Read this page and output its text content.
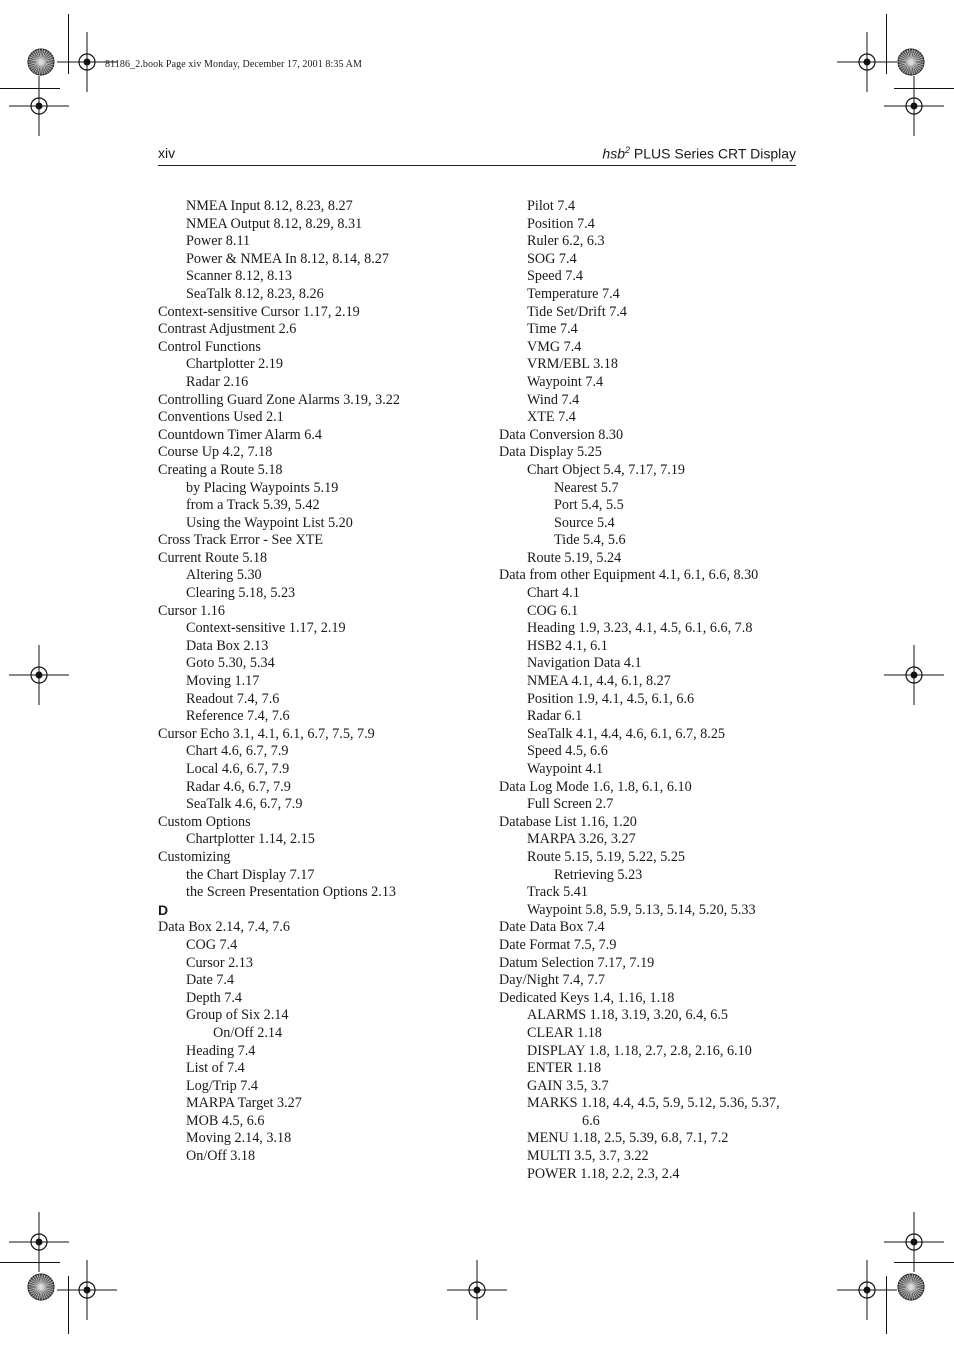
81186_2.book Page xiv Monday, December 17, 2001 8:35 AM
xiv	hsb$^2$ PLUS Series CRT Display
NMEA Input 8.12, 8.23, 8.27
NMEA Output 8.12, 8.29, 8.31
Power 8.11
Power & NMEA In 8.12, 8.14, 8.27
Scanner 8.12, 8.13
SeaTalk 8.12, 8.23, 8.26
Context-sensitive Cursor 1.17, 2.19
Contrast Adjustment 2.6
Control Functions
Chartplotter 2.19
Radar 2.16
Controlling Guard Zone Alarms 3.19, 3.22
Conventions Used 2.1
Countdown Timer Alarm 6.4
Course Up 4.2, 7.18
Creating a Route 5.18
by Placing Waypoints 5.19
from a Track 5.39, 5.42
Using the Waypoint List 5.20
Cross Track Error - See XTE
Current Route 5.18
Altering 5.30
Clearing 5.18, 5.23
Cursor 1.16
Context-sensitive 1.17, 2.19
Data Box 2.13
Goto 5.30, 5.34
Moving 1.17
Readout 7.4, 7.6
Reference 7.4, 7.6
Cursor Echo 3.1, 4.1, 6.1, 6.7, 7.5, 7.9
Chart 4.6, 6.7, 7.9
Local 4.6, 6.7, 7.9
Radar 4.6, 6.7, 7.9
SeaTalk 4.6, 6.7, 7.9
Custom Options
Chartplotter 1.14, 2.15
Customizing
the Chart Display 7.17
the Screen Presentation Options 2.13
D
Data Box 2.14, 7.4, 7.6
COG 7.4
Cursor 2.13
Date 7.4
Depth 7.4
Group of Six 2.14
On/Off 2.14
Heading 7.4
List of 7.4
Log/Trip 7.4
MARPA Target 3.27
MOB 4.5, 6.6
Moving 2.14, 3.18
On/Off 3.18
Pilot 7.4
Position 7.4
Ruler 6.2, 6.3
SOG 7.4
Speed 7.4
Temperature 7.4
Tide Set/Drift 7.4
Time 7.4
VMG 7.4
VRM/EBL 3.18
Waypoint 7.4
Wind 7.4
XTE 7.4
Data Conversion 8.30
Data Display 5.25
Chart Object 5.4, 7.17, 7.19
Nearest 5.7
Port 5.4, 5.5
Source 5.4
Tide 5.4, 5.6
Route 5.19, 5.24
Data from other Equipment 4.1, 6.1, 6.6, 8.30
Chart 4.1
COG 6.1
Heading 1.9, 3.23, 4.1, 4.5, 6.1, 6.6, 7.8
HSB2 4.1, 6.1
Navigation Data 4.1
NMEA 4.1, 4.4, 6.1, 8.27
Position 1.9, 4.1, 4.5, 6.1, 6.6
Radar 6.1
SeaTalk 4.1, 4.4, 4.6, 6.1, 6.7, 8.25
Speed 4.5, 6.6
Waypoint 4.1
Data Log Mode 1.6, 1.8, 6.1, 6.10
Full Screen 2.7
Database List 1.16, 1.20
MARPA 3.26, 3.27
Route 5.15, 5.19, 5.22, 5.25
Retrieving 5.23
Track 5.41
Waypoint 5.8, 5.9, 5.13, 5.14, 5.20, 5.33
Date Data Box 7.4
Date Format 7.5, 7.9
Datum Selection 7.17, 7.19
Day/Night 7.4, 7.7
Dedicated Keys 1.4, 1.16, 1.18
ALARMS 1.18, 3.19, 3.20, 6.4, 6.5
CLEAR 1.18
DISPLAY 1.8, 1.18, 2.7, 2.8, 2.16, 6.10
ENTER 1.18
GAIN 3.5, 3.7
MARKS 1.18, 4.4, 4.5, 5.9, 5.12, 5.36, 5.37,
6.6
MENU 1.18, 2.5, 5.39, 6.8, 7.1, 7.2
MULTI 3.5, 3.7, 3.22
POWER 1.18, 2.2, 2.3, 2.4
